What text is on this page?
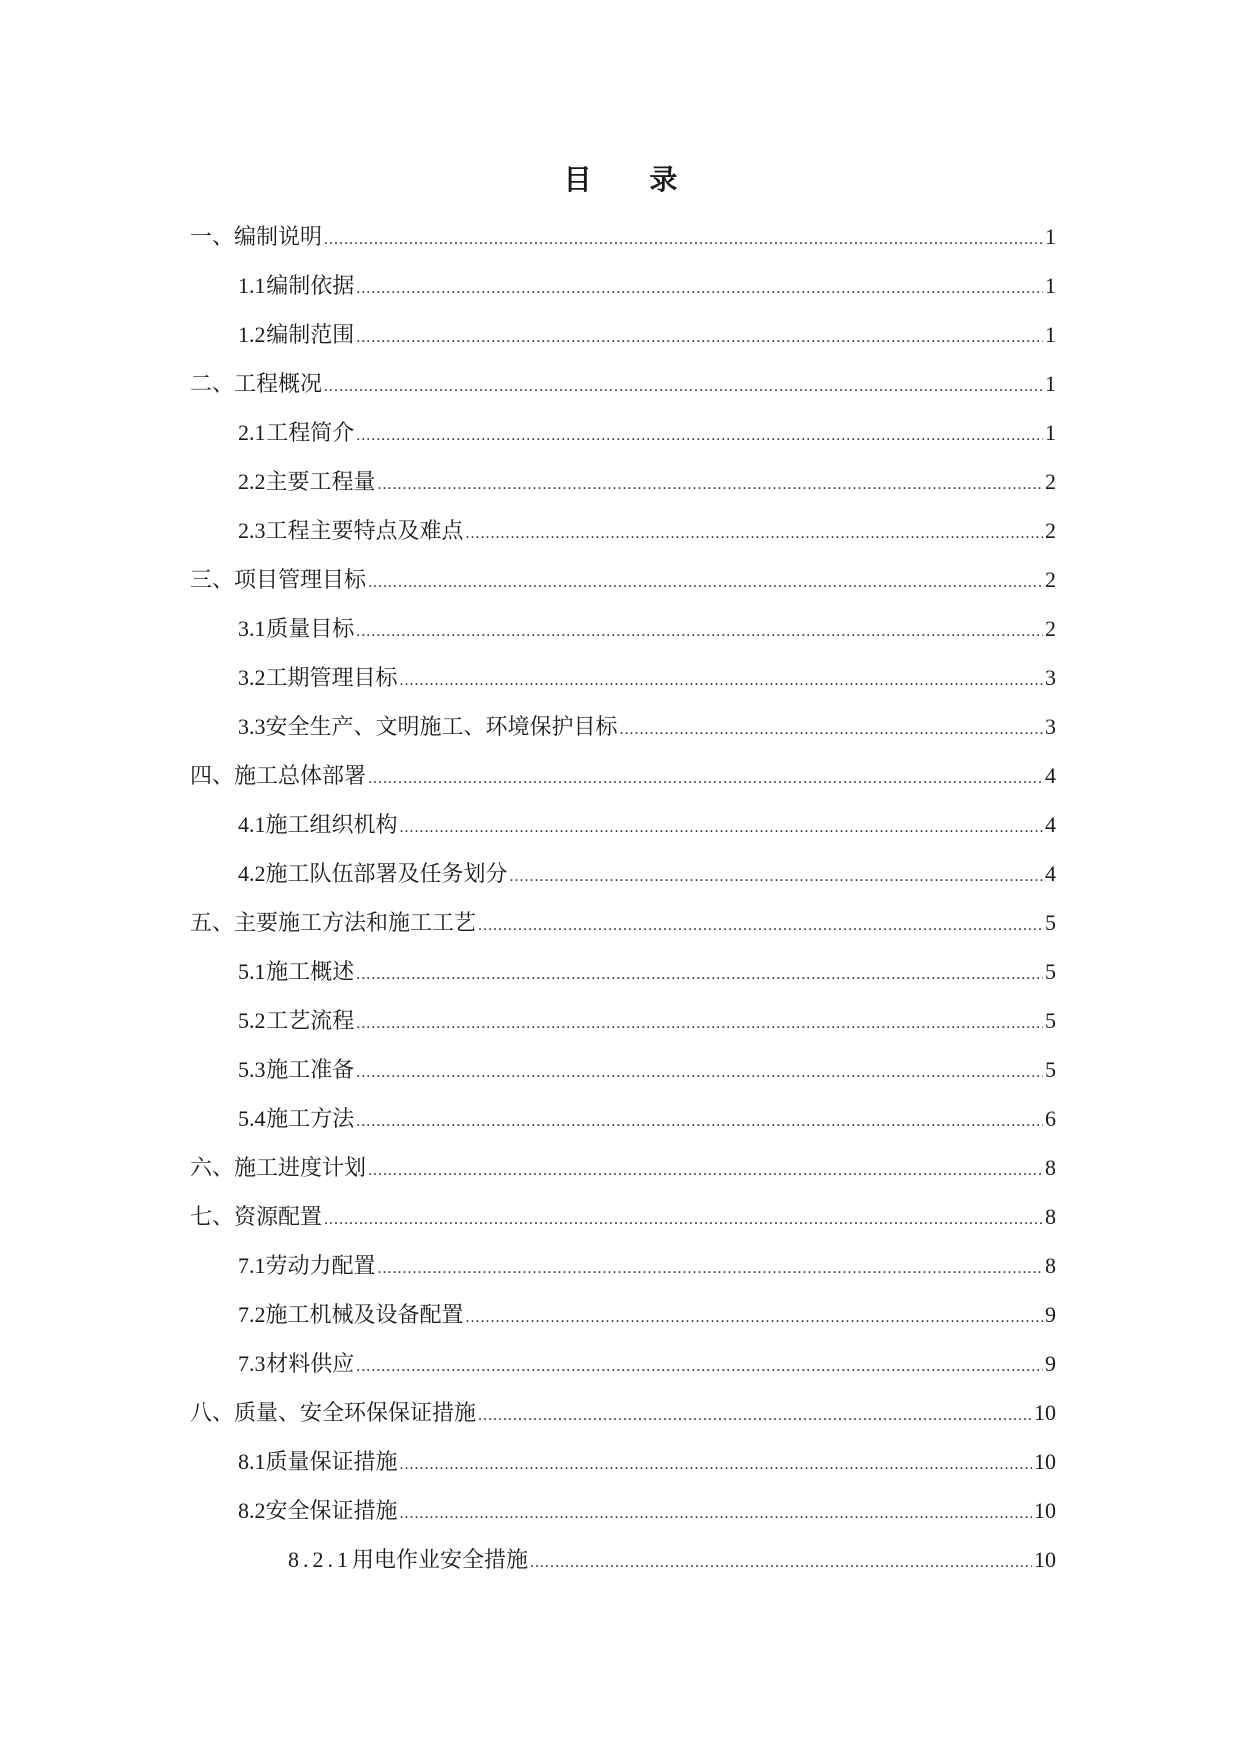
目 录
一、编制说明 .....	1
1.1 编制依据 .....	1
1.2 编制范围 .....	1
二、工程概况 .....	1
2.1 工程简介 .....	1
2.2 主要工程量 .....	2
2.3 工程主要特点及难点 .....	2
三、项目管理目标 .....	2
3.1 质量目标 .....	2
3.2 工期管理目标 .....	3
3.3 安全生产、文明施工、环境保护目标 .....	3
四、施工总体部署 .....	4
4.1 施工组织机构 .....	4
4.2 施工队伍部署及任务划分 .....	4
五、主要施工方法和施工工艺 .....	5
5.1 施工概述 .....	5
5.2 工艺流程 .....	5
5.3 施工准备 .....	5
5.4 施工方法 .....	6
六、施工进度计划 .....	8
七、资源配置 .....	8
7.1 劳动力配置 .....	8
7.2 施工机械及设备配置 .....	9
7.3 材料供应 .....	9
八、质量、安全环保保证措施 .....	10
8.1 质量保证措施 .....	10
8.2 安全保证措施 .....	10
8.2.1 用电作业安全措施 .....	10
